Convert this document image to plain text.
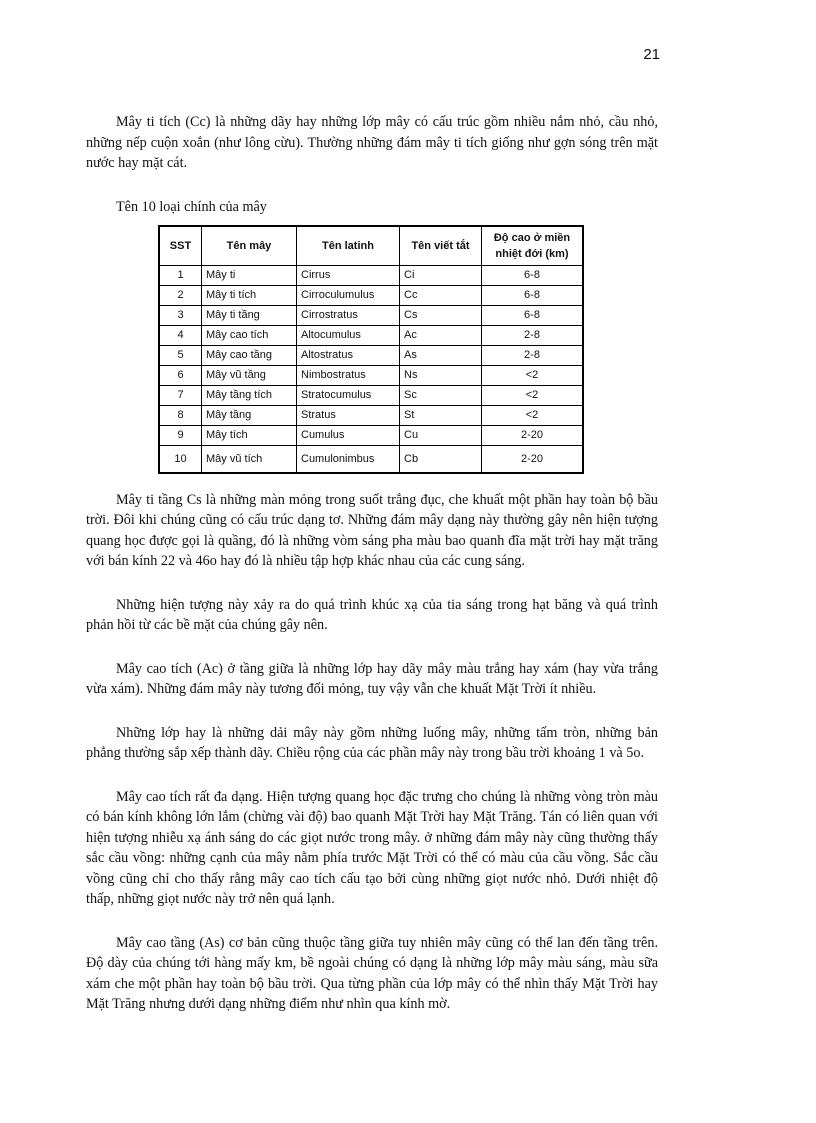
21

Mây ti tích (Cc) là những dãy hay những lớp mây có cấu trúc gồm nhiều nắm nhỏ, cầu nhỏ, những nếp cuộn xoắn (như lông cừu). Thường những đám mây ti tích giống như gợn sóng trên mặt nước hay mặt cát.

Tên 10 loại chính của mây
SST	Tên mây	Tên latinh	Tên viết tắt	Độ cao ở miền
nhiệt đới (km)

1	Mây ti	Cirrus	Ci	6-8
2	Mây ti tích	Cirroculumulus	Cc	6-8
3	Mây ti tầng	Cirrostratus	Cs	6-8
4	Mây cao tích	Altocumulus	Ac	2-8
5	Mây cao tầng	Altostratus	As	2-8
6	Mây vũ tầng	Nimbostratus	Ns	<2
7	Mây tầng tích	Stratocumulus	Sc	<2
8	Mây tầng	Stratus	St	<2
9	Mây tích	Cumulus	Cu	2-20
10	Mây vũ tích	Cumulonimbus	Cb	2-20

Mây ti tầng Cs là những màn mỏng trong suốt trắng đục, che khuất một phần hay toàn bộ bầu trời. Đôi khi chúng cũng có cấu trúc dạng tơ. Những đám mây dạng này thường gây nên hiện tượng quang học được gọi là quầng, đó là những vòm sáng pha màu bao quanh đĩa mặt trời hay mặt trăng với bán kính 22 và 46o hay đó là nhiều tập hợp khác nhau của các cung sáng.

Những hiện tượng này xảy ra do quá trình khúc xạ của tia sáng trong hạt băng và quá trình phản hồi từ các bề mặt của chúng gây nên.

Mây cao tích (Ac) ở tầng giữa là những lớp hay dãy mây màu trắng hay xám (hay vừa trắng vừa xám). Những đám mây này tương đối mỏng, tuy vậy vẫn che khuất Mặt Trời ít nhiều.

Những lớp hay là những dải mây này gồm những luống mây, những tấm tròn, những bản phẳng thường sắp xếp thành dãy. Chiều rộng của các phần mây này trong bầu trời khoảng 1 và 5o.

Mây cao tích rất đa dạng. Hiện tượng quang học đặc trưng cho chúng là những vòng tròn màu có bán kính không lớn lắm (chừng vài độ) bao quanh Mặt Trời hay Mặt Trăng. Tán có liên quan với hiện tượng nhiễu xạ ánh sáng do các giọt nước trong mây. ở những đám mây này cũng thường thấy sắc cầu vồng: những cạnh của mây nằm phía trước Mặt Trời có thể có màu của cầu vồng. Sắc cầu vồng cũng chỉ cho thấy rằng mây cao tích cấu tạo bởi cùng những giọt nước nhỏ. Dưới nhiệt độ thấp, những giọt nước này trở nên quá lạnh.

Mây cao tầng (As) cơ bản cũng thuộc tầng giữa tuy nhiên mây cũng có thể lan đến tầng trên. Độ dày của chúng tới hàng mấy km, bề ngoài chúng có dạng là những lớp mây màu sáng, màu sữa xám che một phần hay toàn bộ bầu trời. Qua từng phần của lớp mây có thể nhìn thấy Mặt Trời hay Mặt Trăng nhưng dưới dạng những điểm như nhìn qua kính mờ.
